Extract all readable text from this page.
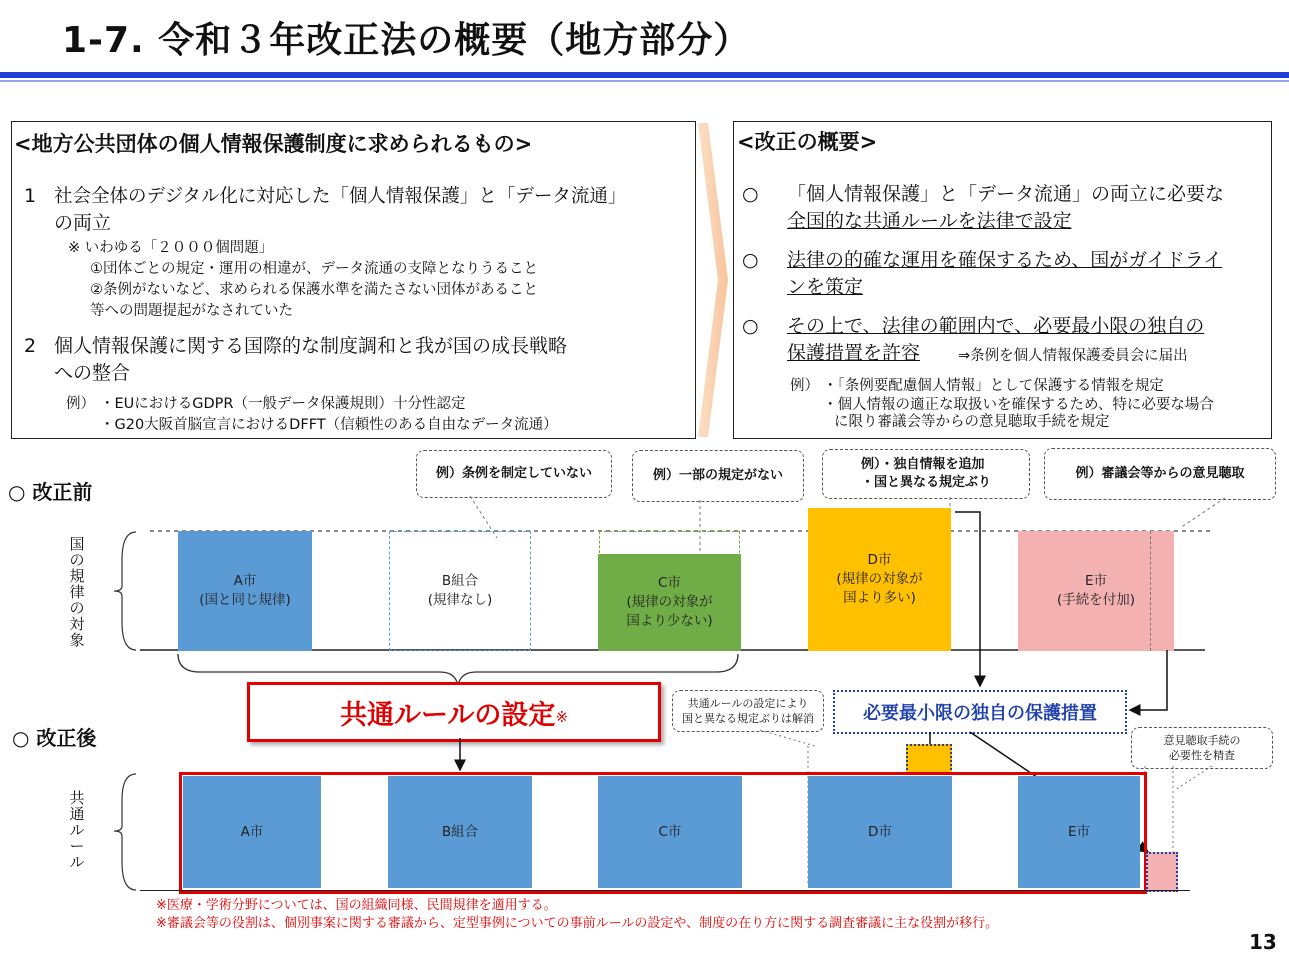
1-7. 令和３年改正法の概要（地方部分）
<地方公共団体の個人情報保護制度に求められるもの>
1 社会全体のデジタル化に対応した「個人情報保護」と「データ流通」
の両立
※ いわゆる「２０００個問題」
①団体ごとの規定・運用の相違が、データ流通の支障となりうること
②条例がないなど、求められる保護水準を満たさない団体があること
等への問題提起がなされていた
2 個人情報保護に関する国際的な制度調和と我が国の成長戦略
への整合
例） ・EUにおけるGDPR（一般データ保護規則）十分性認定
・G20大阪首脳宣言におけるDFFT（信頼性のある自由なデータ流通）
<改正の概要>
○ 「個人情報保護」と「データ流通」の両立に必要な
全国的な共通ルールを法律で設定
○ 法律の的確な運用を確保するため、国がガイドライ
ンを策定
○ その上で、法律の範囲内で、必要最小限の独自の
保護措置を許容	⇒条例を個人情報保護委員会に届出
例） ・「条例要配慮個人情報」として保護する情報を規定
・個人情報の適正な取扱いを確保するため、特に必要な場合
に限り審議会等からの意見聴取手続を規定
○ 改正前
国の規律の対象
例）条例を制定していない	例）一部の規定がない
例）・独自情報を追加
・国と異なる規定ぶり
例）審議会等からの意見聴取
A市
(国と同じ規律)
B組合
(規律なし)
C市
(規律の対象が
国より少ない)
D市
(規律の対象が
国より多い)
E市
(手続を付加)
共通ルールの設定 ※
共通ルールの設定により
国と異なる規定ぶりは解消	必要最小限の独自の保護措置
意見聴取手続の
必要性を精査
○ 改正後
共通ルール
A市	B組合	C市	D市	E市
※医療・学術分野については、国の組織同様、民間規律を適用する。
※審議会等の役割は、個別事案に関する審議から、定型事例についての事前ルールの設定や、制度の在り方に関する調査審議に主な役割が移行。
13
